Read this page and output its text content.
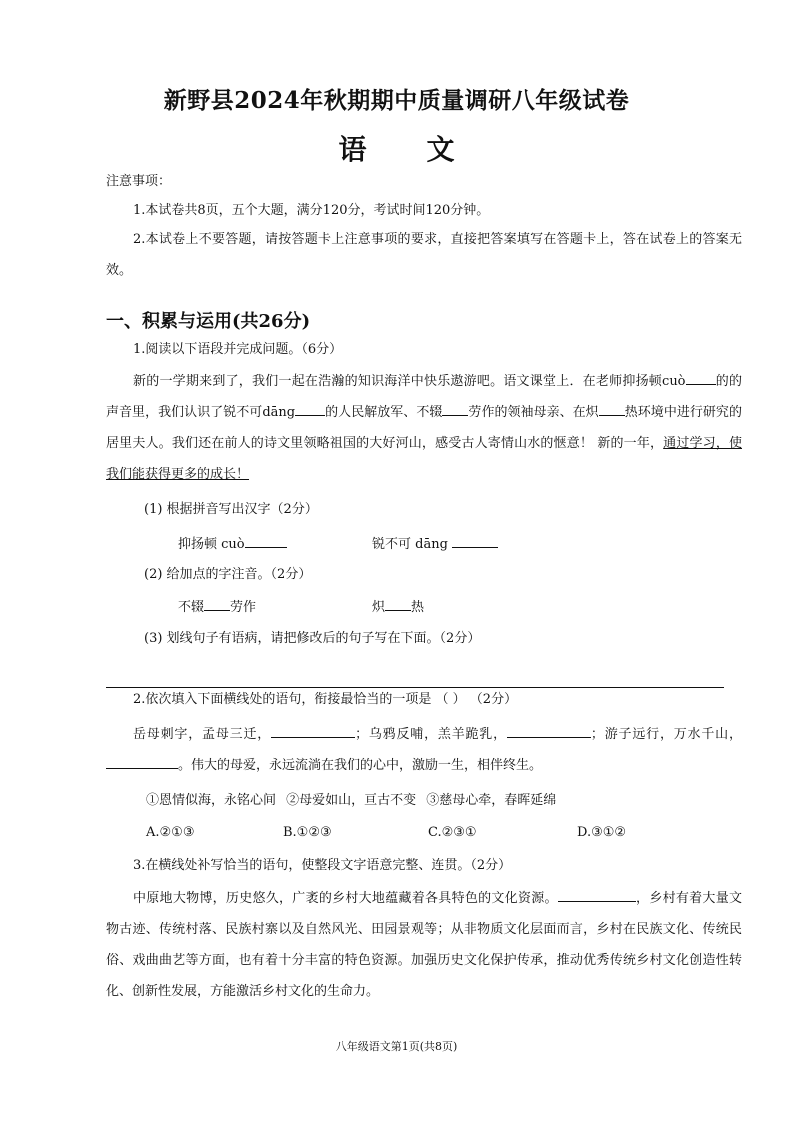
新野县2024年秋期期中质量调研八年级试卷
语 文
注意事项：
1.本试卷共8页，五个大题，满分120分，考试时间120分钟。
2.本试卷上不要答题，请按答题卡上注意事项的要求，直接把答案填写在答题卡上，答在试卷上的答案无效。
一、积累与运用(共26分)
1.阅读以下语段并完成问题。（6分）
新的一学期来到了，我们一起在浩瀚的知识海洋中快乐遨游吧。语文课堂上．在老师抑扬顿cuò 的的声音里，我们认识了锐不可dāng 的人民解放军、不辍 劳作的领袖母亲、在炽 热环境中进行研究的居里夫人。我们还在前人的诗文里领略祖国的大好河山，感受古人寄情山水的惬意！ 新的一年，通过学习，使我们能获得更多的成长！
(1) 根据拼音写出汉字（2分）
抑扬顿 cuò	锐不可 dāng
(2) 给加点的字注音。（2分）
不辍 劳作	炽 热
(3) 划线句子有语病，请把修改后的句子写在下面。（2分）
2.依次填入下面横线处的语句，衔接最恰当的一项是 （ ） （2分）
岳母刺字，孟母三迁，	；乌鸦反哺，羔羊跪乳，	；游子远行，万水千山，。伟大的母爱，永远流淌在我们的心中，激励一生，相伴终生。
①恩情似海，永铭心间 ②母爱如山，亘古不变 ③慈母心牵，春晖延绵
A.②①③	B.①②③	C.②③①	D.③①②
3.在横线处补写恰当的语句，使整段文字语意完整、连贯。（2分）
中原地大物博，历史悠久，广袤的乡村大地蕴藏着各具特色的文化资源。	，乡村有着大量文物古迹、传统村落、民族村寨以及自然风光、田园景观等；从非物质文化层面而言，乡村在民族文化、传统民俗、戏曲曲艺等方面，也有着十分丰富的特色资源。加强历史文化保护传承，推动优秀传统乡村文化创造性转化、创新性发展，方能激活乡村文化的生命力。
八年级语文第1页(共8页)
